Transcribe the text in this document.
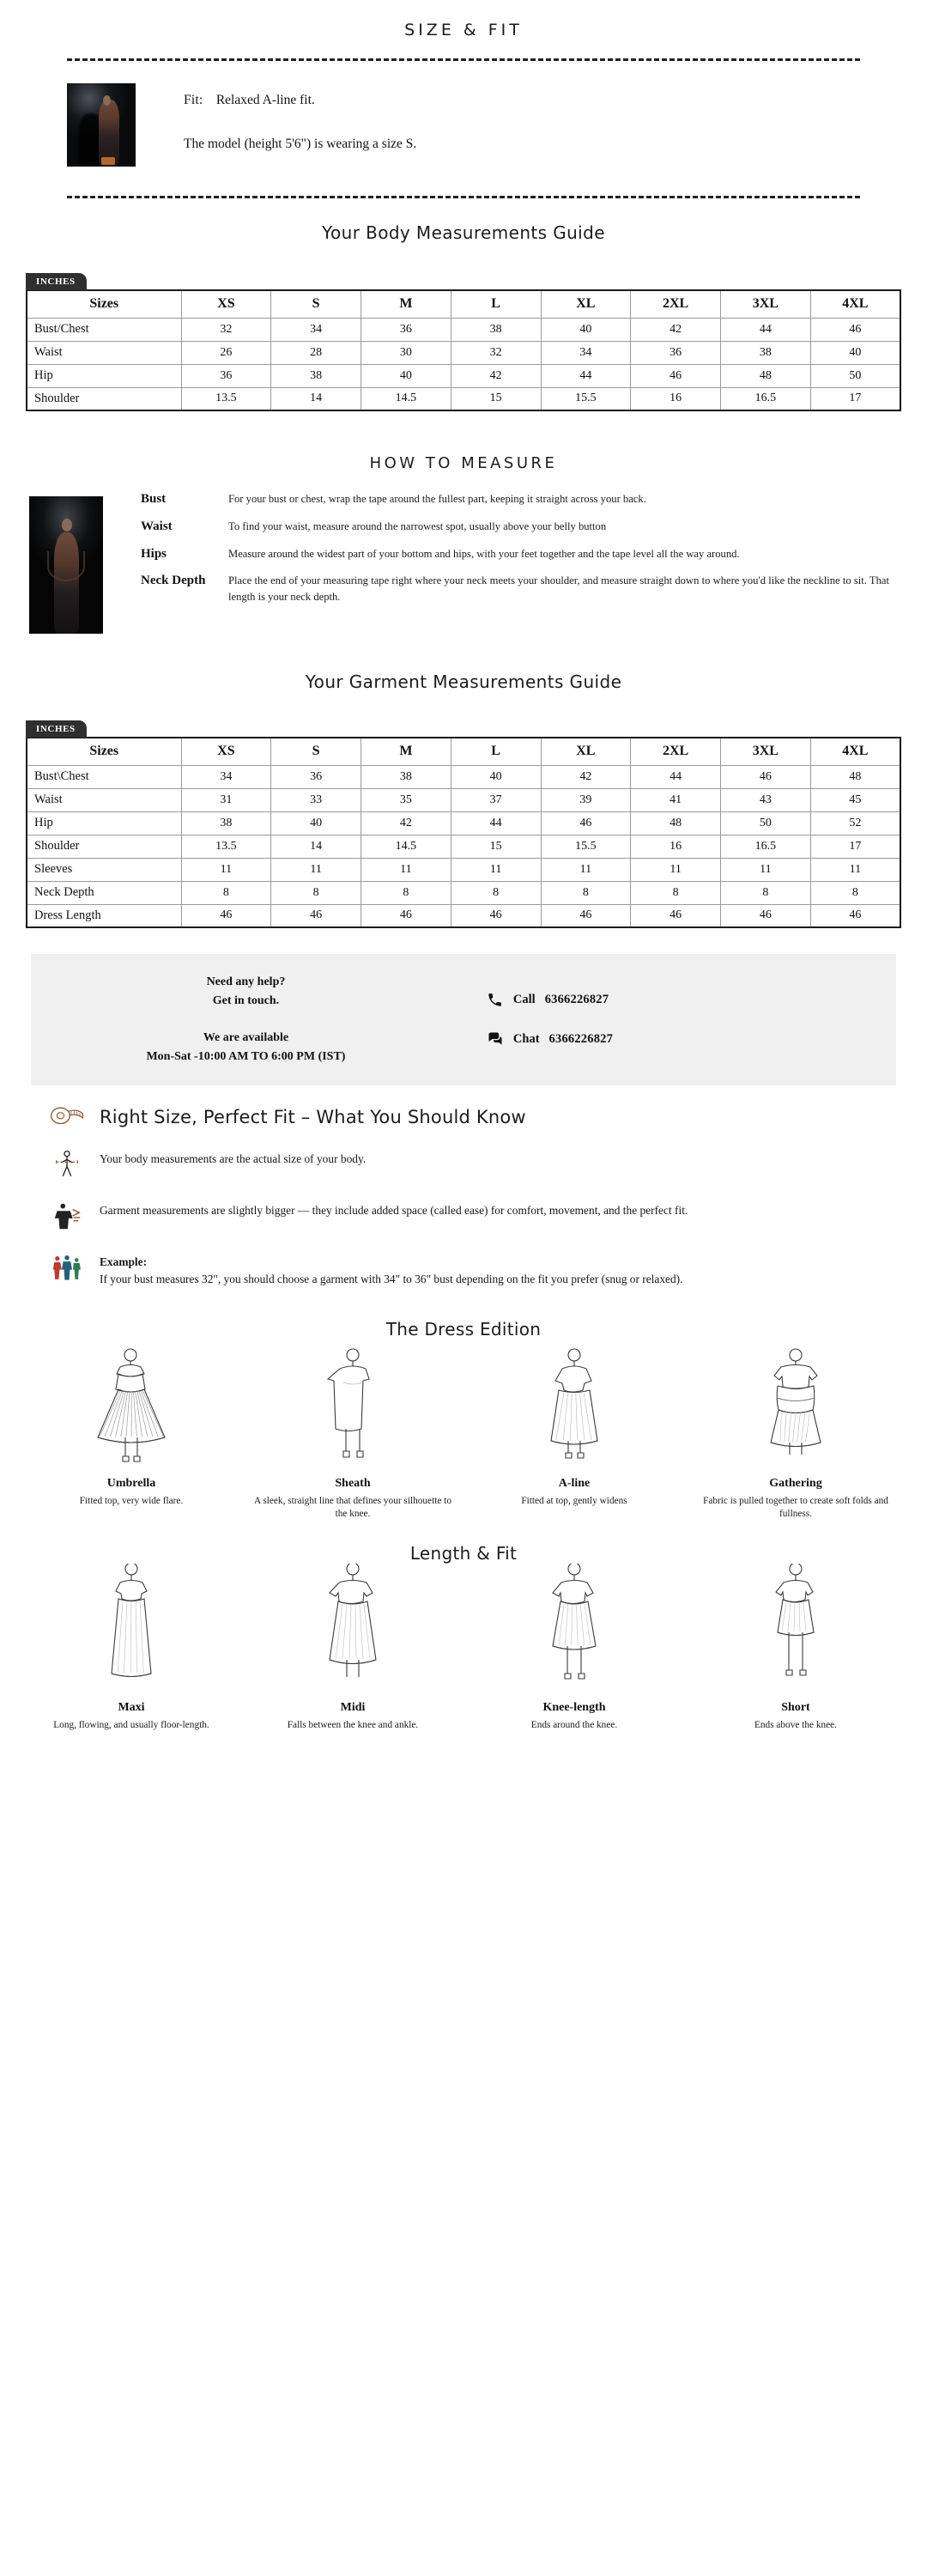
SIZE & FIT
Fit: Relaxed A-line fit.
The model (height 5'6") is wearing a size S.
Your Body Measurements Guide
INCHES
Sizes	XS	S	M	L	XL	2XL	3XL	4XL
Bust/Chest	32	34	36	38	40	42	44	46
Waist	26	28	30	32	34	36	38	40
Hip	36	38	40	42	44	46	48	50
Shoulder	13.5	14	14.5	15	15.5	16	16.5	17
HOW TO MEASURE
Bust	For your bust or chest, wrap the tape around the fullest part, keeping it straight across your back.
Waist	To find your waist, measure around the narrowest spot, usually above your belly button
Hips	Measure around the widest part of your bottom and hips, with your feet together and the tape level all the way around.
Neck Depth	Place the end of your measuring tape right where your neck meets your shoulder, and measure straight down to where you'd like the neckline to sit. That length is your neck depth.
Your Garment Measurements Guide
INCHES
Sizes	XS	S	M	L	XL	2XL	3XL	4XL
Bust\Chest	34	36	38	40	42	44	46	48
Waist	31	33	35	37	39	41	43	45
Hip	38	40	42	44	46	48	50	52
Shoulder	13.5	14	14.5	15	15.5	16	16.5	17
Sleeves	11	11	11	11	11	11	11	11
Neck Depth	8	8	8	8	8	8	8	8
Dress Length	46	46	46	46	46	46	46	46
Need any help?
Get in touch.
We are available
Mon-Sat -10:00 AM TO 6:00 PM (IST)
Call 6366226827
Chat 6366226827
Right Size, Perfect Fit – What You Should Know
Your body measurements are the actual size of your body.
Garment measurements are slightly bigger — they include added space (called ease) for comfort, movement, and the perfect fit.
Example:
If your bust measures 32", you should choose a garment with 34" to 36" bust depending on the fit you prefer (snug or relaxed).
The Dress Edition
Umbrella
Fitted top, very wide flare.
Sheath
A sleek, straight line that defines your silhouette to the knee.
A-line
Fitted at top, gently widens
Gathering
Fabric is pulled together to create soft folds and fullness.
Length & Fit
Maxi
Long, flowing, and usually floor-length.
Midi
Falls between the knee and ankle.
Knee-length
Ends around the knee.
Short
Ends above the knee.
